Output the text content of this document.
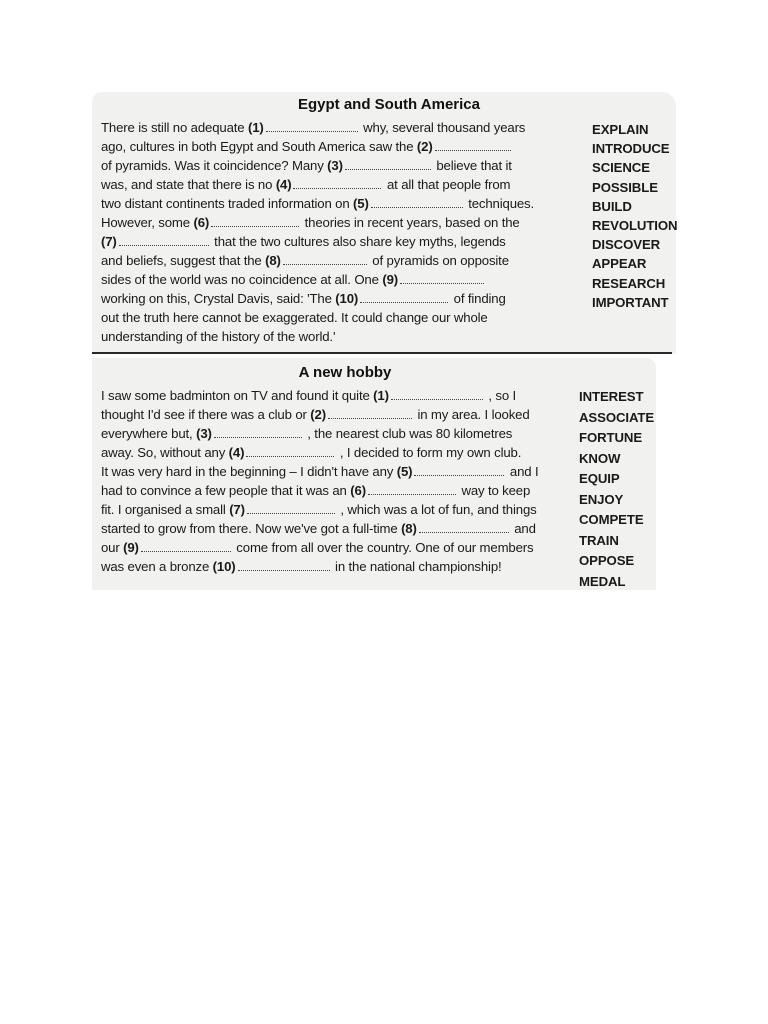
Egypt and South America
There is still no adequate (1)	why, several thousand years
ago, cultures in both Egypt and South America saw the (2)
of pyramids. Was it coincidence? Many (3)	believe that it
was, and state that there is no (4)	at all that people from
two distant continents traded information on (5)	techniques.
However, some (6)	theories in recent years, based on the
(7)	that the two cultures also share key myths, legends
and beliefs, suggest that the (8)	of pyramids on opposite
sides of the world was no coincidence at all. One (9)
working on this, Crystal Davis, said: 'The (10)	of finding
out the truth here cannot be exaggerated. It could change our whole
understanding of the history of the world.'
EXPLAIN
INTRODUCE
SCIENCE
POSSIBLE
BUILD
REVOLUTION
DISCOVER
APPEAR
RESEARCH
IMPORTANT
A new hobby
I saw some badminton on TV and found it quite (1)	, so I
thought I'd see if there was a club or (2)	in my area. I looked
everywhere but, (3)	, the nearest club was 80 kilometres
away. So, without any (4)	, I decided to form my own club.
It was very hard in the beginning – I didn't have any (5)	and I
had to convince a few people that it was an (6)	way to keep
fit. I organised a small (7)	, which was a lot of fun, and things
started to grow from there. Now we've got a full-time (8)	and
our (9)	come from all over the country. One of our members
was even a bronze (10)	in the national championship!
INTEREST
ASSOCIATE
FORTUNE
KNOW
EQUIP
ENJOY
COMPETE
TRAIN
OPPOSE
MEDAL
